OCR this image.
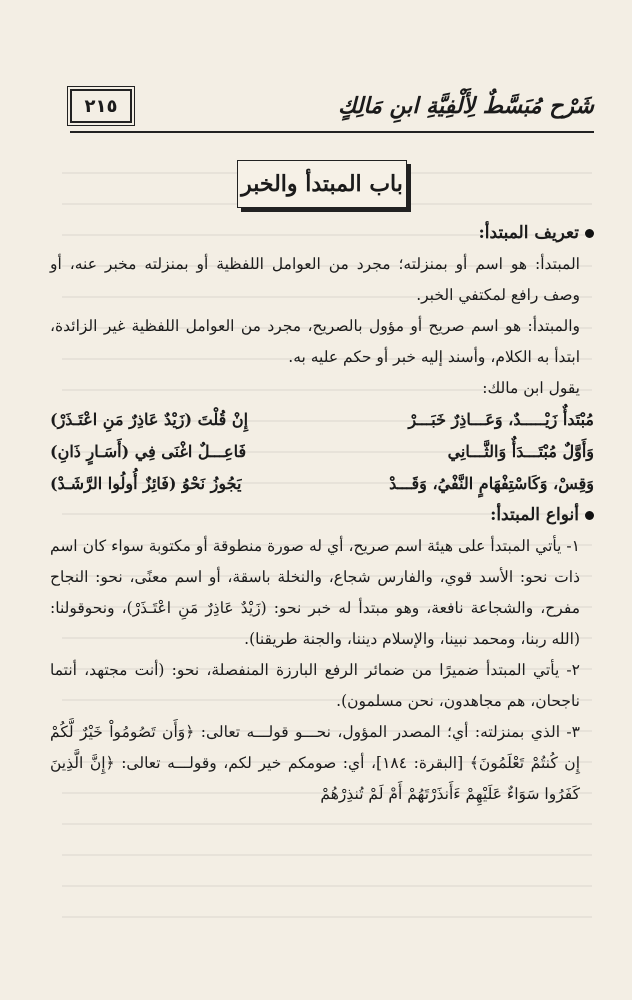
شَرْح مُبَسَّطٌ لِأَلْفِيَّةِ ابنِ مَالِكٍ
٢١٥
باب المبتدأ والخبر
تعريف المبتدأ:

المبتدأ: هو اسم أو بمنزلته؛ مجرد من العوامل اللفظية أو بمنزلته مخبر عنه، أو وصف رافع لمكتفي الخبر.

والمبتدأ: هو اسم صريح أو مؤول بالصريح، مجرد من العوامل اللفظية غير الزائدة، ابتدأ به الكلام، وأسند إليه خبر أو حكم عليه به.

يقول ابن مالك:

مُبْتَدأٌ زَيْـــــدٌ، وَعَـــاذِرٌ خَبَـــرْ
إِنْ قُلْتَ (زَيْدٌ عَاذِرٌ مَنِ اعْتَـذَرْ)
وَأَوَّلٌ مُبْتَـــدَأٌ وَالثَّـــانِي
فَاعِـــلٌ اغْنَى فِي (أَسَـارٍ ذَانِ)
وَقِسْ، وَكَاسْتِفْهَامٍ النَّفْيُ، وَقَـــدْ
يَجُوزُ نَحْوُ (فَائِزٌ أُولُوا الرَّشَـدْ)
أنواع المبتدأ:

١- يأتي المبتدأ على هيئة اسم صريح، أي له صورة منطوقة أو مكتوبة سواء كان اسم ذات نحو: الأسد قوي، والفارس شجاع، والنخلة باسقة، أو اسم معنًى، نحو: النجاح مفرح، والشجاعة نافعة، وهو مبتدأ له خبر نحو: (زَيْدٌ عَاذِرٌ مَنِ اعْتَـذَرْ)، ونحوقولنا: (الله ربنا، ومحمد نبينا، والإسلام ديننا، والجنة طريقنا).

٢- يأتي المبتدأ ضميرًا من ضمائر الرفع البارزة المنفصلة، نحو: (أنت مجتهد، أنتما ناجحان، هم مجاهدون، نحن مسلمون).

٣- الذي بمنزلته: أي؛ المصدر المؤول، نحـــو قولـــه تعالى: ﴿وَأَن تَصُومُواْ خَيْرٌ لَّكُمْ إِن كُنتُمْ تَعْلَمُونَ﴾ [البقرة: ١٨٤]، أي: صومكم خير لكم، وقولـــه تعالى: ﴿إِنَّ الَّذِينَ كَفَرُوا سَوَاءٌ عَلَيْهِمْ ءَأَنذَرْتَهُمْ أَمْ لَمْ تُنذِرْهُمْ
